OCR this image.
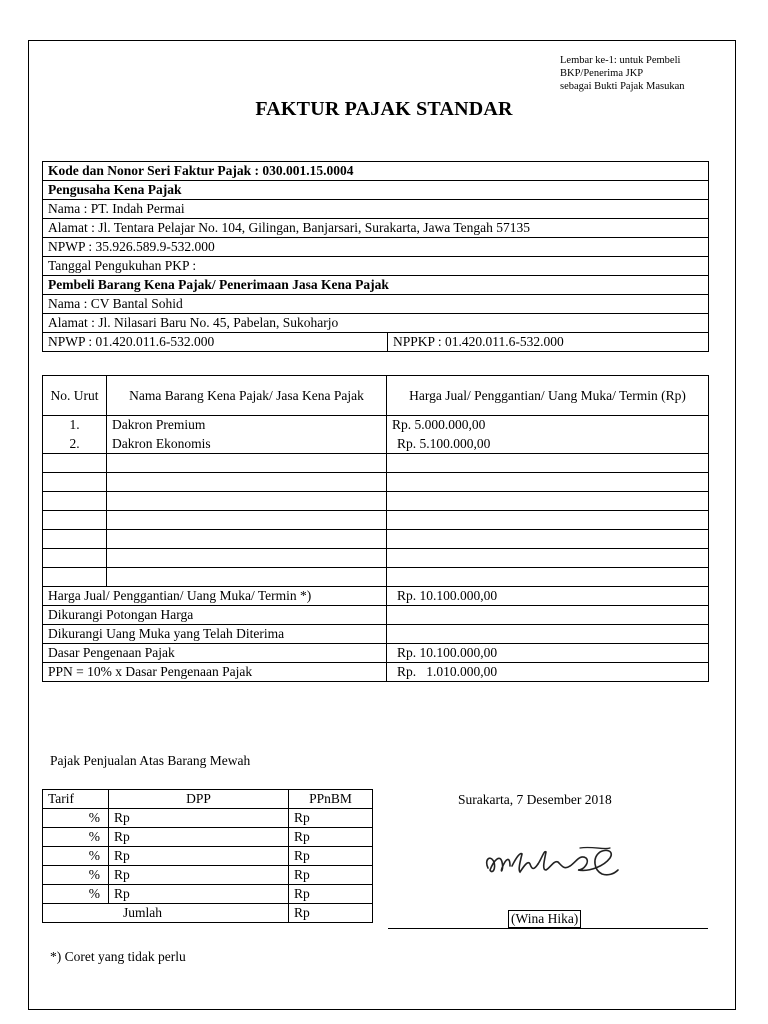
Lembar ke-1: untuk Pembeli
BKP/Penerima JKP
sebagai Bukti Pajak Masukan
FAKTUR PAJAK STANDAR
Kode dan Nonor Seri Faktur Pajak : 030.001.15.0004
Pengusaha Kena Pajak
Nama : PT. Indah Permai
Alamat : Jl. Tentara Pelajar No. 104, Gilingan, Banjarsari, Surakarta, Jawa Tengah 57135
NPWP : 35.926.589.9-532.000
Tanggal Pengukuhan PKP :
Pembeli Barang Kena Pajak/ Penerimaan Jasa Kena Pajak
Nama : CV Bantal Sohid
Alamat : Jl. Nilasari Baru No. 45, Pabelan, Sukoharjo
NPWP : 01.420.011.6-532.000	NPPKP : 01.420.011.6-532.000
No. Urut	Nama Barang Kena Pajak/ Jasa Kena Pajak	Harga Jual/ Penggantian/ Uang Muka/ Termin (Rp)
1.	Dakron Premium	Rp. 5.000.000,00
2.	Dakron Ekonomis	Rp. 5.100.000,00

Harga Jual/ Penggantian/ Uang Muka/ Termin *)		Rp. 10.100.000,00
Dikurangi Potongan Harga		
Dikurangi Uang Muka yang Telah Diterima		
Dasar Pengenaan Pajak		Rp. 10.100.000,00
PPN = 10% x Dasar Pengenaan Pajak		Rp.   1.010.000,00
Pajak Penjualan Atas Barang Mewah
Tarif	DPP	PPnBM
%	Rp	Rp
%	Rp	Rp
%	Rp	Rp
%	Rp	Rp
%	Rp	Rp
Jumlah		Rp
Surakarta, 7 Desember 2018
(Wina Hika)
*) Coret yang tidak perlu
